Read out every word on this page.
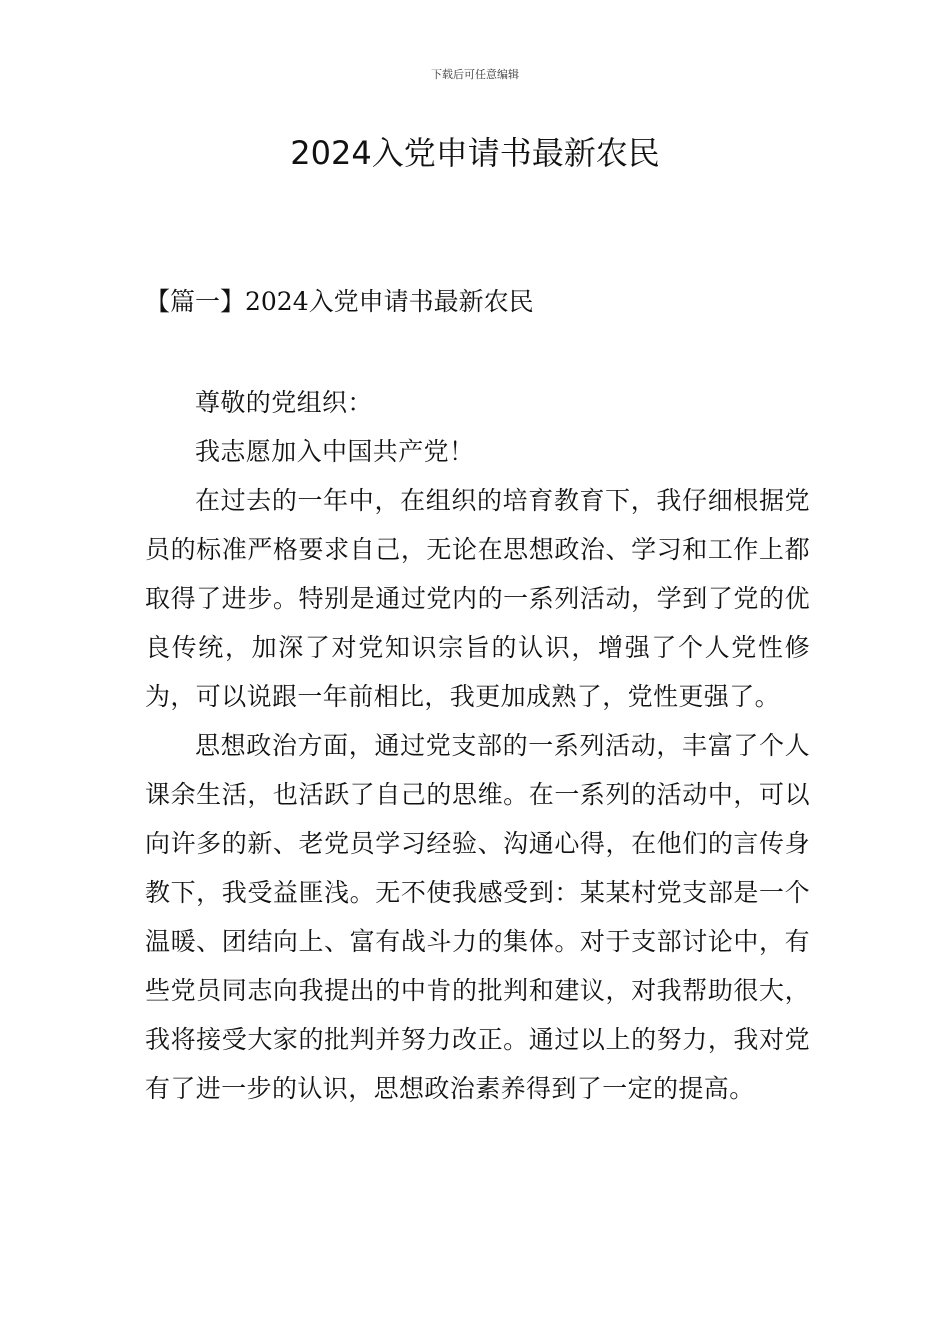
下载后可任意编辑
2024入党申请书最新农民
【篇一】2024入党申请书最新农民

尊敬的党组织：

我志愿加入中国共产党！

在过去的一年中，在组织的培育教育下，我仔细根据党员的标准严格要求自己，无论在思想政治、学习和工作上都取得了进步。特别是通过党内的一系列活动，学到了党的优良传统，加深了对党知识宗旨的认识，增强了个人党性修为，可以说跟一年前相比，我更加成熟了，党性更强了。

思想政治方面，通过党支部的一系列活动，丰富了个人课余生活，也活跃了自己的思维。在一系列的活动中，可以向许多的新、老党员学习经验、沟通心得，在他们的言传身教下，我受益匪浅。无不使我感受到：某某村党支部是一个温暖、团结向上、富有战斗力的集体。对于支部讨论中，有些党员同志向我提出的中肯的批判和建议，对我帮助很大，我将接受大家的批判并努力改正。通过以上的努力，我对党有了进一步的认识，思想政治素养得到了一定的提高。
